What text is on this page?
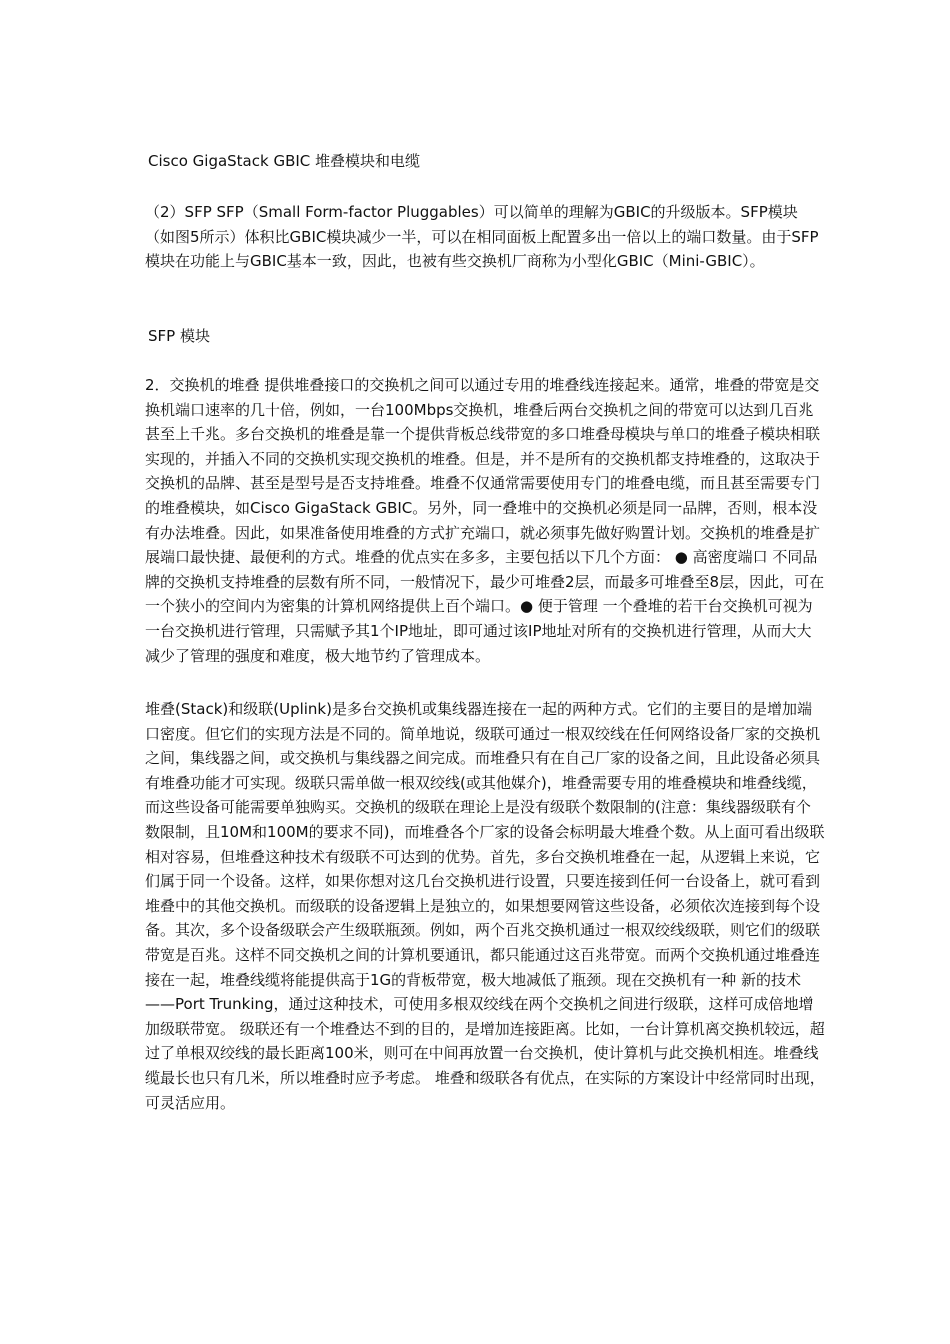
Cisco GigaStack GBIC 堆叠模块和电缆
（2）SFP SFP（Small Form-factor Pluggables）可以简单的理解为GBIC的升级版本。SFP模块（如图5所示）体积比GBIC模块减少一半，可以在相同面板上配置多出一倍以上的端口数量。由于SFP模块在功能上与GBIC基本一致，因此，也被有些交换机厂商称为小型化GBIC（Mini-GBIC）。
SFP 模块
2．交换机的堆叠 提供堆叠接口的交换机之间可以通过专用的堆叠线连接起来。通常，堆叠的带宽是交换机端口速率的几十倍，例如，一台100Mbps交换机，堆叠后两台交换机之间的带宽可以达到几百兆甚至上千兆。多台交换机的堆叠是靠一个提供背板总线带宽的多口堆叠母模块与单口的堆叠子模块相联实现的，并插入不同的交换机实现交换机的堆叠。但是，并不是所有的交换机都支持堆叠的，这取决于交换机的品牌、甚至是型号是否支持堆叠。堆叠不仅通常需要使用专门的堆叠电缆，而且甚至需要专门的堆叠模块，如Cisco GigaStack GBIC。另外，同一叠堆中的交换机必须是同一品牌，否则，根本没有办法堆叠。因此，如果准备使用堆叠的方式扩充端口，就必须事先做好购置计划。交换机的堆叠是扩展端口最快捷、最便利的方式。堆叠的优点实在多多，主要包括以下几个方面： ● 高密度端口 不同品牌的交换机支持堆叠的层数有所不同，一般情况下，最少可堆叠2层，而最多可堆叠至8层，因此，可在一个狭小的空间内为密集的计算机网络提供上百个端口。● 便于管理 一个叠堆的若干台交换机可视为一台交换机进行管理，只需赋予其1个IP地址，即可通过该IP地址对所有的交换机进行管理，从而大大减少了管理的强度和难度，极大地节约了管理成本。
堆叠(Stack)和级联(Uplink)是多台交换机或集线器连接在一起的两种方式。它们的主要目的是增加端口密度。但它们的实现方法是不同的。简单地说，级联可通过一根双绞线在任何网络设备厂家的交换机之间，集线器之间，或交换机与集线器之间完成。而堆叠只有在自己厂家的设备之间，且此设备必须具有堆叠功能才可实现。级联只需单做一根双绞线(或其他媒介)，堆叠需要专用的堆叠模块和堆叠线缆，而这些设备可能需要单独购买。交换机的级联在理论上是没有级联个数限制的(注意：集线器级联有个数限制，且10M和100M的要求不同)，而堆叠各个厂家的设备会标明最大堆叠个数。从上面可看出级联相对容易，但堆叠这种技术有级联不可达到的优势。首先，多台交换机堆叠在一起，从逻辑上来说，它们属于同一个设备。这样，如果你想对这几台交换机进行设置，只要连接到任何一台设备上，就可看到堆叠中的其他交换机。而级联的设备逻辑上是独立的，如果想要网管这些设备，必须依次连接到每个设备。其次，多个设备级联会产生级联瓶颈。例如，两个百兆交换机通过一根双绞线级联，则它们的级联带宽是百兆。这样不同交换机之间的计算机要通讯，都只能通过这百兆带宽。而两个交换机通过堆叠连接在一起，堆叠线缆将能提供高于1G的背板带宽，极大地减低了瓶颈。现在交换机有一种 新的技术——Port Trunking，通过这种技术，可使用多根双绞线在两个交换机之间进行级联，这样可成倍地增加级联带宽。 级联还有一个堆叠达不到的目的，是增加连接距离。比如，一台计算机离交换机较远，超过了单根双绞线的最长距离100米，则可在中间再放置一台交换机，使计算机与此交换机相连。堆叠线缆最长也只有几米，所以堆叠时应予考虑。 堆叠和级联各有优点，在实际的方案设计中经常同时出现，可灵活应用。
